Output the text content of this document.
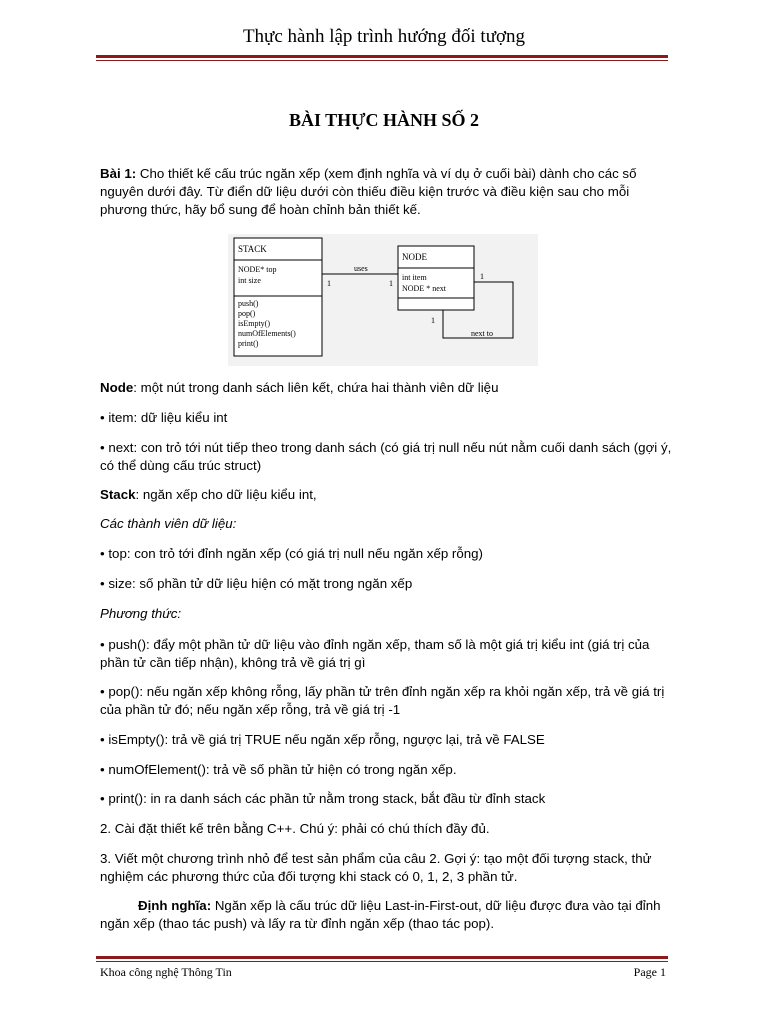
Thực hành lập trình hướng đối tượng
BÀI THỰC HÀNH SỐ 2
Bài 1: Cho thiết kế cấu trúc ngăn xếp (xem định nghĩa và ví dụ ở cuối bài) dành cho các số nguyên dưới đây. Từ điển dữ liệu dưới còn thiếu điều kiện trước và điều kiện sau cho mỗi phương thức, hãy bổ sung để hoàn chỉnh bản thiết kế.
STACK
NODE* top
int size
push()
pop()
isEmpty()
numOfElements()
print()
NODE
int item
NODE * next
uses
1	1
1
1
next to
Node: một nút trong danh sách liên kết, chứa hai thành viên dữ liệu
• item: dữ liệu kiểu int
• next: con trỏ tới nút tiếp theo trong danh sách (có giá trị null nếu nút nằm cuối danh sách (gợi ý, có thể dùng cấu trúc struct)
Stack: ngăn xếp cho dữ liệu kiểu int,
Các thành viên dữ liệu:
• top: con trỏ tới đỉnh ngăn xếp (có giá trị null nếu ngăn xếp rỗng)
• size: số phần tử dữ liệu hiện có mặt trong ngăn xếp
Phương thức:
• push(): đẩy một phần tử dữ liệu vào đỉnh ngăn xếp, tham số là một giá trị kiểu int (giá trị của phần tử cần tiếp nhận), không trả về giá trị gì
• pop(): nếu ngăn xếp không rỗng, lấy phần tử trên đỉnh ngăn xếp ra khỏi ngăn xếp, trả về giá trị của phần tử đó; nếu ngăn xếp rỗng, trả về giá trị -1
• isEmpty(): trả về giá trị TRUE nếu ngăn xếp rỗng, ngược lại, trả về FALSE
• numOfElement(): trả về số phần tử hiện có trong ngăn xếp.
• print(): in ra danh sách các phần tử nằm trong stack, bắt đầu từ đỉnh stack
2. Cài đặt thiết kế trên bằng C++. Chú ý: phải có chú thích đầy đủ.
3. Viết một chương trình nhỏ để test sản phẩm của câu 2. Gợi ý: tạo một đối tượng stack, thử nghiệm các phương thức của đối tượng khi stack có 0, 1, 2, 3 phần tử.
Định nghĩa: Ngăn xếp là cấu trúc dữ liệu Last-in-First-out, dữ liệu được đưa vào tại đỉnh ngăn xếp (thao tác push) và lấy ra từ đỉnh ngăn xếp (thao tác pop).
Khoa công nghệ Thông Tin	Page 1
